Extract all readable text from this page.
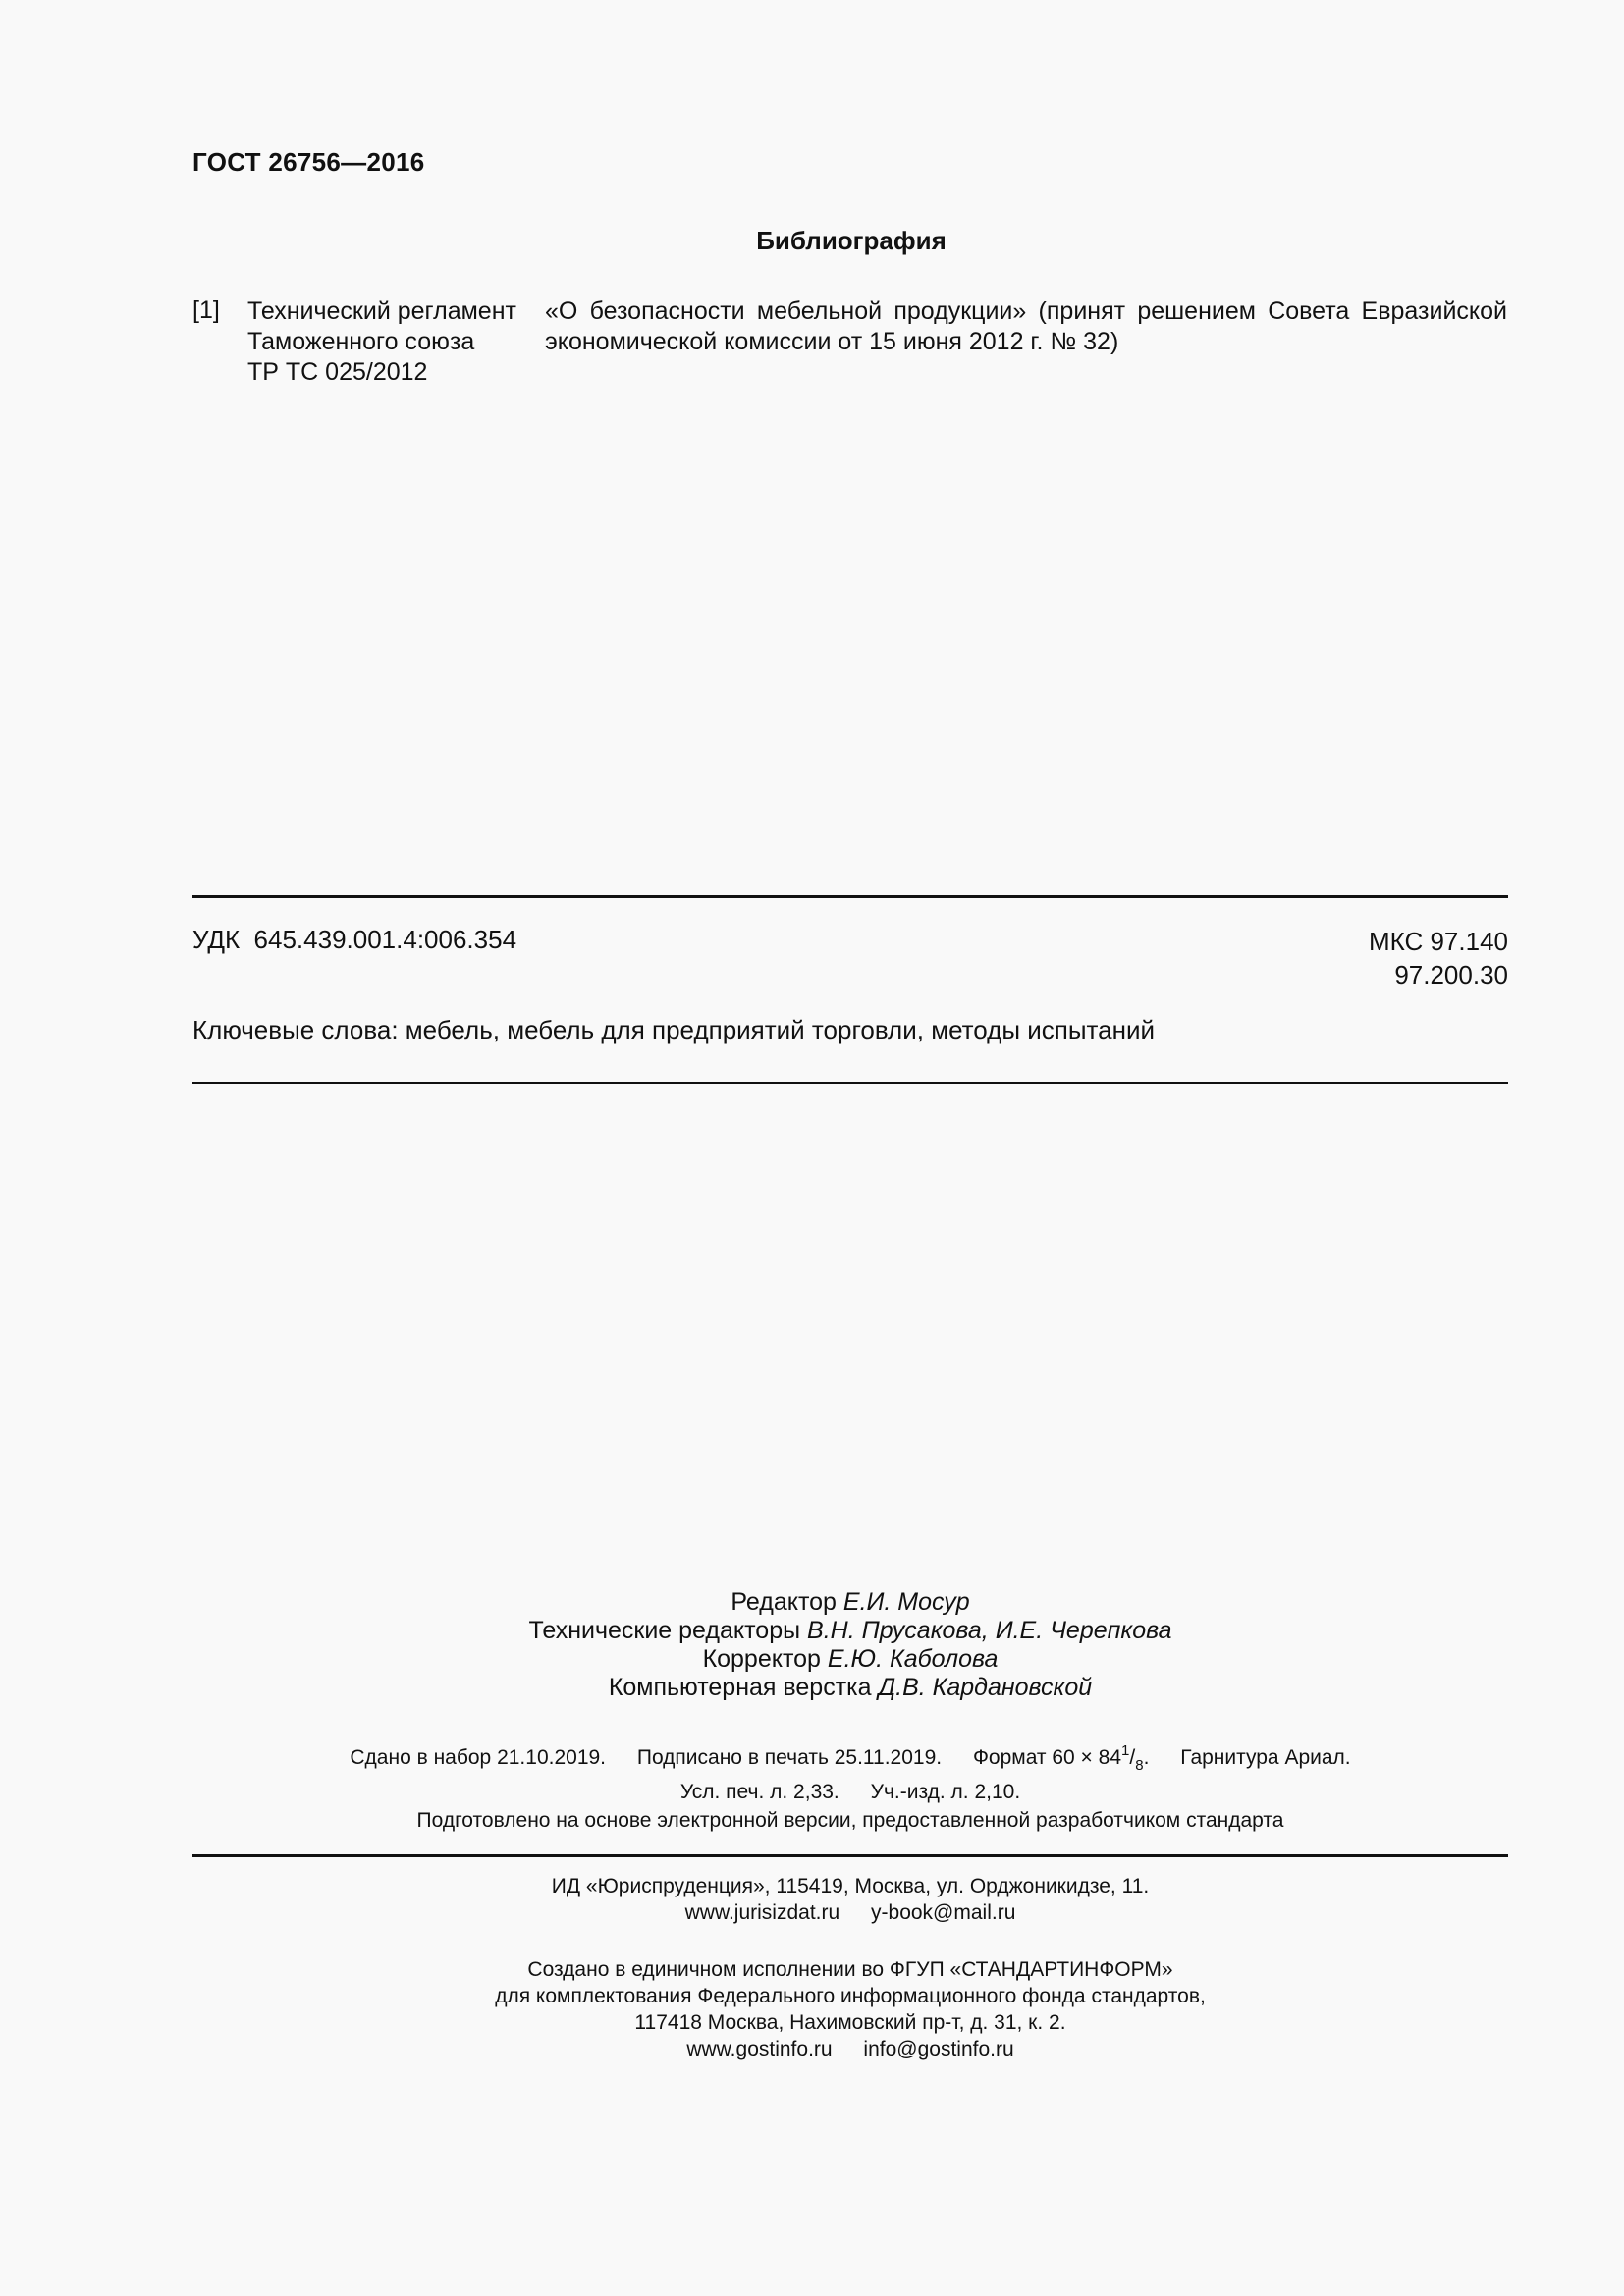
ГОСТ 26756—2016
Библиография
[1] Технический регламент
Таможенного союза
ТР ТС 025/2012
«О безопасности мебельной продукции» (принят решением Совета Евразийской экономической комиссии от 15 июня 2012 г. № 32)
УДК  645.439.001.4:006.354	МКС 97.140
97.200.30
Ключевые слова: мебель, мебель для предприятий торговли, методы испытаний
Редактор Е.И. Мосур
Технические редакторы В.Н. Прусакова, И.Е. Черепкова
Корректор Е.Ю. Каболова
Компьютерная верстка Д.В. Кардановской
Сдано в набор 21.10.2019. Подписано в печать 25.11.2019. Формат $60 \times 84^1/_8$. Гарнитура Ариал.
Усл. печ. л. 2,33. Уч.-изд. л. 2,10.
Подготовлено на основе электронной версии, предоставленной разработчиком стандарта
ИД «Юриспруденция», 115419, Москва, ул. Орджоникидзе, 11.
www.jurisizdat.ru y-book@mail.ru
Создано в единичном исполнении во ФГУП «СТАНДАРТИНФОРМ»
для комплектования Федерального информационного фонда стандартов,
117418 Москва, Нахимовский пр-т, д. 31, к. 2.
www.gostinfo.ru info@gostinfo.ru
